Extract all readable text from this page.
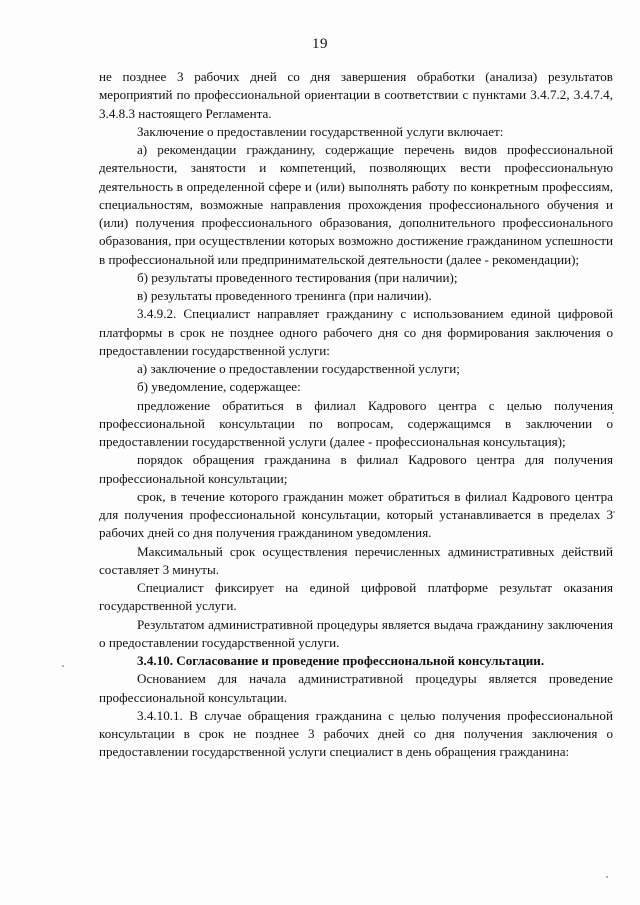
19

не позднее 3 рабочих дней со дня завершения обработки (анализа) результатов мероприятий по профессиональной ориентации в соответствии с пунктами 3.4.7.2, 3.4.7.4, 3.4.8.3 настоящего Регламента.

Заключение о предоставлении государственной услуги включает:

а) рекомендации гражданину, содержащие перечень видов профессиональной деятельности, занятости и компетенций, позволяющих вести профессиональную деятельность в определенной сфере и (или) выполнять работу по конкретным профессиям, специальностям, возможные направления прохождения профессионального обучения и (или) получения профессионального образования, дополнительного профессионального образования, при осуществлении которых возможно достижение гражданином успешности в профессиональной или предпринимательской деятельности (далее - рекомендации);

б) результаты проведенного тестирования (при наличии);

в) результаты проведенного тренинга (при наличии).

3.4.9.2. Специалист направляет гражданину с использованием единой цифровой платформы в срок не позднее одного рабочего дня со дня формирования заключения о предоставлении государственной услуги:

а) заключение о предоставлении государственной услуги;

б) уведомление, содержащее:

предложение обратиться в филиал Кадрового центра с целью получения профессиональной консультации по вопросам, содержащимся в заключении о предоставлении государственной услуги (далее - профессиональная консультация);

порядок обращения гражданина в филиал Кадрового центра для получения профессиональной консультации;

срок, в течение которого гражданин может обратиться в филиал Кадрового центра для получения профессиональной консультации, который устанавливается в пределах 3 рабочих дней со дня получения гражданином уведомления.

Максимальный срок осуществления перечисленных административных действий составляет 3 минуты.

Специалист фиксирует на единой цифровой платформе результат оказания государственной услуги.

Результатом административной процедуры является выдача гражданину заключения о предоставлении государственной услуги.

3.4.10. Согласование и проведение профессиональной консультации.

Основанием для начала административной процедуры является проведение профессиональной консультации.

3.4.10.1. В случае обращения гражданина с целью получения профессиональной консультации в срок не позднее 3 рабочих дней со дня получения заключения о предоставлении государственной услуги специалист в день обращения гражданина:
